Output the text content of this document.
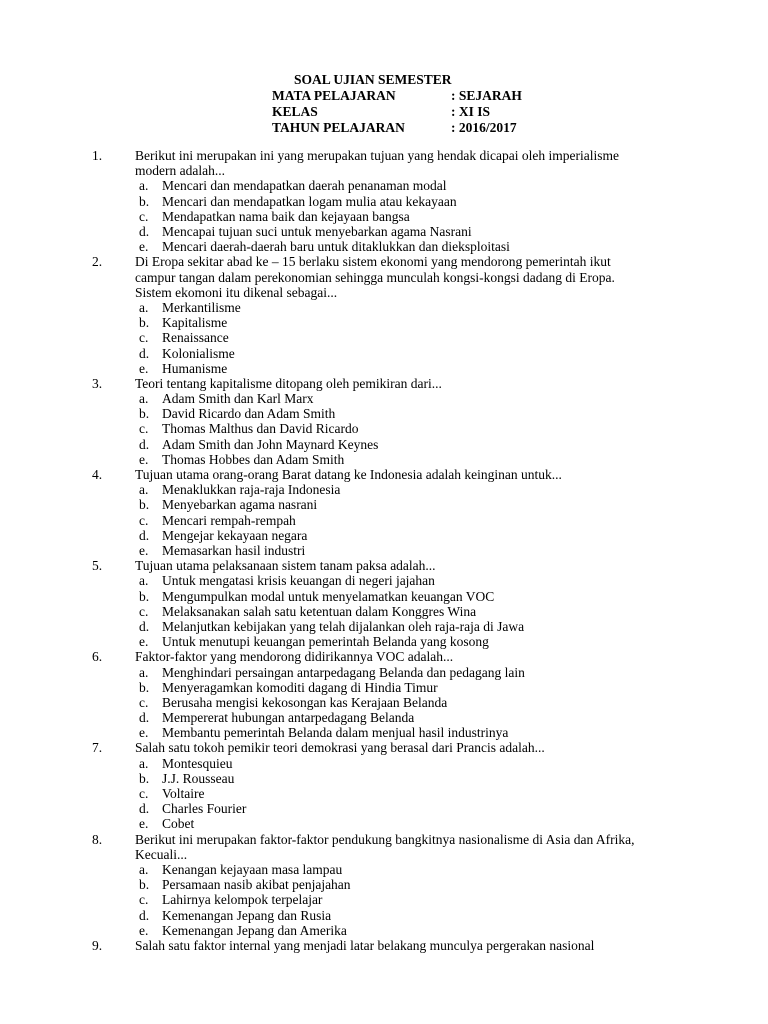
SOAL UJIAN SEMESTER
MATA PELAJARAN	: SEJARAH
KELAS	: XI IS
TAHUN PELAJARAN	: 2016/2017
1. Berikut ini merupakan ini yang merupakan tujuan yang hendak dicapai oleh imperialisme modern adalah...
a. Mencari dan mendapatkan daerah penanaman modal
b. Mencari dan mendapatkan logam mulia atau kekayaan
c. Mendapatkan nama baik dan kejayaan bangsa
d. Mencapai tujuan suci untuk menyebarkan agama Nasrani
e. Mencari daerah-daerah baru untuk ditaklukkan dan dieksploitasi
2. Di Eropa sekitar abad ke – 15 berlaku sistem ekonomi yang mendorong pemerintah ikut campur tangan dalam perekonomian sehingga munculah kongsi-kongsi dadang di Eropa. Sistem ekomoni itu dikenal sebagai...
a. Merkantilisme
b. Kapitalisme
c. Renaissance
d. Kolonialisme
e. Humanisme
3. Teori tentang kapitalisme ditopang oleh pemikiran dari...
a. Adam Smith dan Karl Marx
b. David Ricardo dan Adam Smith
c. Thomas Malthus dan David Ricardo
d. Adam Smith dan John Maynard Keynes
e. Thomas Hobbes dan Adam Smith
4. Tujuan utama orang-orang Barat datang ke Indonesia adalah keinginan untuk...
a. Menaklukkan raja-raja Indonesia
b. Menyebarkan agama nasrani
c. Mencari rempah-rempah
d. Mengejar kekayaan negara
e. Memasarkan hasil industri
5. Tujuan utama pelaksanaan sistem tanam paksa adalah...
a. Untuk mengatasi krisis keuangan di negeri jajahan
b. Mengumpulkan modal untuk menyelamatkan keuangan VOC
c. Melaksanakan salah satu ketentuan dalam Konggres Wina
d. Melanjutkan kebijakan yang telah dijalankan oleh raja-raja di Jawa
e. Untuk menutupi keuangan pemerintah Belanda yang kosong
6. Faktor-faktor yang mendorong didirikannya VOC adalah...
a. Menghindari persaingan antarpedagang Belanda dan pedagang lain
b. Menyeragamkan komoditi dagang di Hindia Timur
c. Berusaha mengisi kekosongan kas Kerajaan Belanda
d. Mempererat hubungan antarpedagang Belanda
e. Membantu pemerintah Belanda dalam menjual hasil industrinya
7. Salah satu tokoh pemikir teori demokrasi yang berasal dari Prancis adalah...
a. Montesquieu
b. J.J. Rousseau
c. Voltaire
d. Charles Fourier
e. Cobet
8. Berikut ini merupakan faktor-faktor pendukung bangkitnya nasionalisme di Asia dan Afrika, Kecuali...
a. Kenangan kejayaan masa lampau
b. Persamaan nasib akibat penjajahan
c. Lahirnya kelompok terpelajar
d. Kemenangan Jepang dan Rusia
e. Kemenangan Jepang dan Amerika
9. Salah satu faktor internal yang menjadi latar belakang munculya pergerakan nasional
